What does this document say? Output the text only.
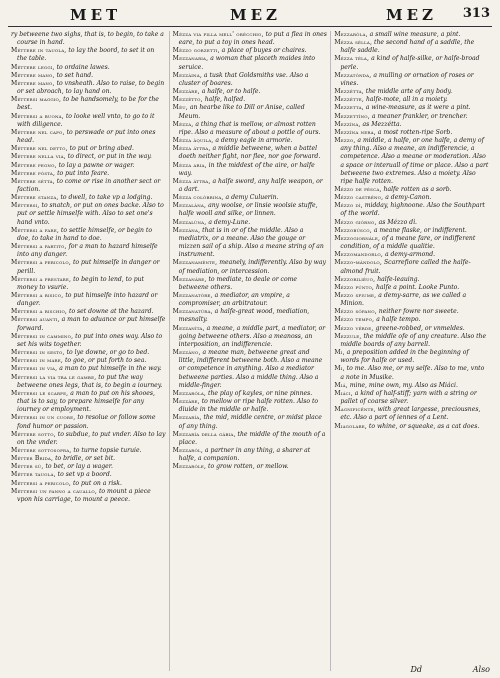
MET	MEZ	MEZ 313

ry betweene two sighs, that is, to begin, to take a course in hand.

Méttere in tauola, to lay the boord, to set it on the table.

Méttere leggi, to ordaine lawes.

Méttere mano, to set hand.

Méttere mano, to vnsheath. Also to raise, to begin or set abroach, to lay hand on.

Méttersi maggio, to be handsomely, to be for the best.

Méttersi a buona, to looke well vnto, to go to it with diligence.

Méttere nel capo, to perswade or put into ones head.

Méttere nel detto, to put or bring abed.

Méttere nella via, to direct, or put in the way.

Méttere pegno, to lay a pawne or wager.

Méttere pósta, to put into feare.

Méttere sétta, to come or rise in another sect or faction.

Méttere stanza, to dwell, to take vp a lodging.

Méttersi, to snatch, or put on ones backe. Also to put or settle himselfe with. Also to set one's hand vnto.

Méttersi a fare, to settle himselfe, or begin to doe, to take in hand to doe.

Méttersi a partito, for a man to hazard himselfe into any danger.

Méttersi a pericolo, to put himselfe in danger or perill.

Méttersi a prestare, to begin to lend, to put money to vsurie.

Méttersi a risico, to put himselfe into hazard or danger.

Méttersi a rischio, to set downe at the hazard.

Méttersi auanti, a man to aduance or put himselfe forward.

Méttersi in cammino, to put into ones way. Also to set his wits together.

Méttersi in sesto, to lye downe, or go to bed.

Méttersi in mare, to goe, or put forth to sea.

Méttersi in via, a man to put himselfe in the way.

Méttersi la via tra le gambe, to put the way betweene ones legs, that is, to begin a iourney.

Méttersi le scarpe, a man to put on his shooes, that is to say, to prepare himselfe for any iourney or employment.

Méttersi in un cuore, to resolue or follow some fond humor or passion.

Méttere sotto, to subdue, to put vnder. Also to lay on the vnder.

Méttere sottosopra, to turne topsie turuie.

Métter Brida, to bridle, or set bit.

Métter sù, to bet, or lay a wager.

Métter tauola, to set vp a boord.

Méttersi a pericolo, to put on a risk.

Méttersi un panno a cauallo, to mount a piece vpon his carriage, to mount a peece.

Mézza via pilla mell' orécchio, to put a flea in ones eare, to put a toy in ones head.

Mézzo gorzetti, a place of buyes or chaires.

Mezzanaria, a woman that placeth maides into seruice.

Mezzáina, a tusk that Goldsmiths vse. Also a cluster of boares.

Mezzáre, a halfe, or to halfe.

Mezzétto, halfe, halfed.

Méu, an hearbe like to Dill or Anise, called Meum.

Mézza, a thing that is mellow, or almost rotten ripe. Also a measure of about a pottle of ours.

Mézza àquila, a demy eagle in armorie.

Mézza áttra, a middle betweene, when a battel doeth neither fight, nor flee, nor goe forward.

Mézza aria, in the middest of the aire, or halfe way.

Mézza áttra, a halfe sword, any halfe weapon, or a dart.

Mézza colóbrina, a demy Culuerin.

Mezzalána, any woolse, or linsie woolsie stuffe, halfe wooll and silke, or linnen.

Mezzalúna, a demy-Lune.

Mezzána, that is in or of the middle. Also a mediatrix, or a meane. Also the gouge or mizzen sail of a ship. Also a meane string of an instrument.

Mezzanaménte, meanely, indifferently. Also by way of mediation, or intercession.

Mezzanáre, to mediate, to deale or come betweene others.

Mezzanatóre, a mediator, an vmpire, a compromiser, an arbitratour.

Mezzanatúra, a halfe-great wood, mediation, mesnalty.

Mezzaníta, a meane, a middle part, a mediator, or going betweene others. Also a meanoss, an interposition, an indifferencie.

Mezzáno, a meane man, betweene great and little, indifferent betweene both. Also a meane or competence in anything. Also a mediator betweene parties. Also a middle thing. Also a middle-finger.

Mezzaróla, the play of kayles, or nine pinnes.

Mezzáre, to mellow or ripe halfe rotten. Also to diuide in the middle or halfe.

Mezzaría, the mid, middle centre, or midst place of any thing.

Mezzaría della gábia, the middle of the mouth of a place.

Mezzaról, a partner in any thing, a sharer at halfe, a companion.

Mezzaróle, to grow rotten, or mellow.

Mezzaróla, a small wine measure, a pint.

Mézza sélla, the second hand of a saddle, the halfe saddle.

Mézza téla, a kind of halfe-silke, or halfe-broad perle.

Mezzatónda, a mulling or ornation of roses or vines.

Mezzétta, the middle arte of any body.

Mezzétte, halfe-mote, all in a moiety.

Mezzetta, a wine-measure, as it were a pint.

Mezzettíno, a meaner frankler, or trencher.

Mezzína, as Mezzétta.

Mezzína nera, a most rotten-ripe Sorb.

Mezzo, a middle, a halfe, or one halfe, a demy of any thing. Also a meane, an indifferencie, a competence. Also a meane or moderation. Also a space or interuall of time or place. Also a part betweene two extremes. Also a moiety. Also ripe halfe rotten.

Mézzo de pésca, halfe rotten as a sorb.

Mézzo castréno, a demy-Canon.

Mézzo dì, midday, highnoone. Also the Southpart of the world.

Mézzo giórno, as Mézzo dì.

Mezzobúsco, a meane flaske, or indifferent.

Mezzogiornále, of a meane fare, or indifferent condition, of a middle qualitie.

Mezzomandorlo, a demy-armond.

Mezzo-mándolo, Scarrefiore called the halfe-almond fruit.

Mezzorilièuo, halfe-leauing.

Mézzo púnto, halfe a point. Looke Punto.

Mezzo sfiume, a demy-sarre, as we called a Minion.

Mézzo sópano, neither fowre nor sweete.

Mézzo tempo, a halfe tempo.

Mézzo vérde, greene-robbed, or vnmeldes.

Mezzule, the middle ofe of any creature. Also the middle boards of any barrell.

Mi, a preposition added in the beginning of words for halfe or used.

Mi, to me. Also me, or my selfe. Also to me, vnto a note in Musike.

Miá, mine, mine own, my. Also as Miáci.

Miáci, a kind of half-stiff; yarn with a string or pallet of coarse silver.

Magnificênte, with great largesse, preciousnes, etc. Also a part of iennes of a Lent.

Miagolare, to whine, or squeake, as a cat does.

Dd	Also
